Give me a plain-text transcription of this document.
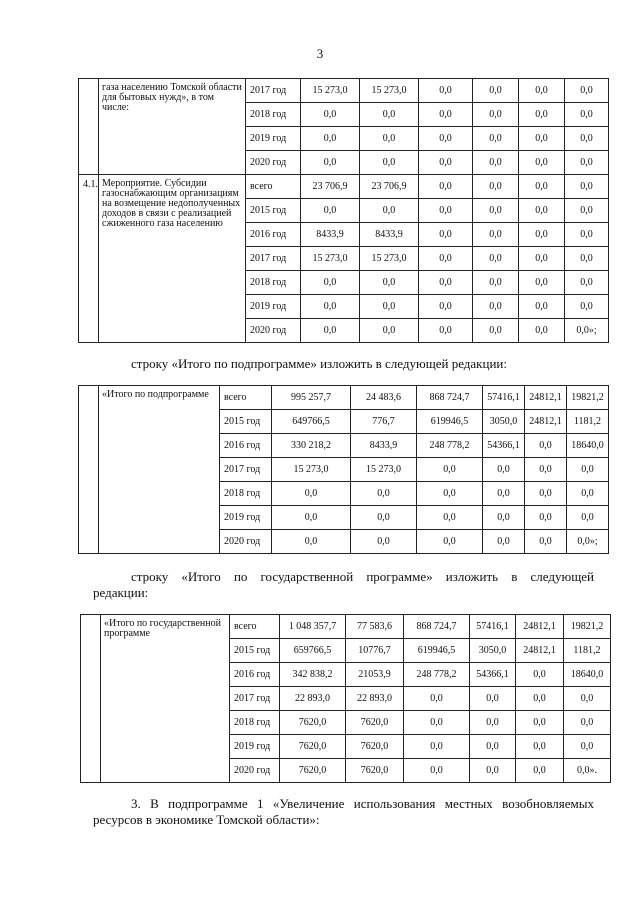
3
	газа населению Томской области для бытовых нужд», в том числе:	2017 год	15 273,0	15 273,0	0,0	0,0	0,0	0,0
		2018 год	0,0	0,0	0,0	0,0	0,0	0,0
		2019 год	0,0	0,0	0,0	0,0	0,0	0,0
		2020 год	0,0	0,0	0,0	0,0	0,0	0,0
4.1.	Мероприятие. Субсидии газоснабжающим организациям на возмещение недополученных доходов в связи с реализацией сжиженного газа населению	всего	23 706,9	23 706,9	0,0	0,0	0,0	0,0
		2015 год	0,0	0,0	0,0	0,0	0,0	0,0
		2016 год	8433,9	8433,9	0,0	0,0	0,0	0,0
		2017 год	15 273,0	15 273,0	0,0	0,0	0,0	0,0
		2018 год	0,0	0,0	0,0	0,0	0,0	0,0
		2019 год	0,0	0,0	0,0	0,0	0,0	0,0
		2020 год	0,0	0,0	0,0	0,0	0,0	0,0»;
строку «Итого по подпрограмме» изложить в следующей редакции:
	«Итого по подпрограмме	всего	995 257,7	24 483,6	868 724,7	57416,1	24812,1	19821,2
		2015 год	649766,5	776,7	619946,5	3050,0	24812,1	1181,2
		2016 год	330 218,2	8433,9	248 778,2	54366,1	0,0	18640,0
		2017 год	15 273,0	15 273,0	0,0	0,0	0,0	0,0
		2018 год	0,0	0,0	0,0	0,0	0,0	0,0
		2019 год	0,0	0,0	0,0	0,0	0,0	0,0
		2020 год	0,0	0,0	0,0	0,0	0,0	0,0»;
строку «Итого по государственной программе» изложить в следующей
редакции:
	«Итого по государственной программе	всего	1 048 357,7	77 583,6	868 724,7	57416,1	24812,1	19821,2
		2015 год	659766,5	10776,7	619946,5	3050,0	24812,1	1181,2
		2016 год	342 838,2	21053,9	248 778,2	54366,1	0,0	18640,0
		2017 год	22 893,0	22 893,0	0,0	0,0	0,0	0,0
		2018 год	7620,0	7620,0	0,0	0,0	0,0	0,0
		2019 год	7620,0	7620,0	0,0	0,0	0,0	0,0
		2020 год	7620,0	7620,0	0,0	0,0	0,0	0,0».
3. В подпрограмме 1 «Увеличение использования местных возобновляемых
ресурсов в экономике Томской области»:
